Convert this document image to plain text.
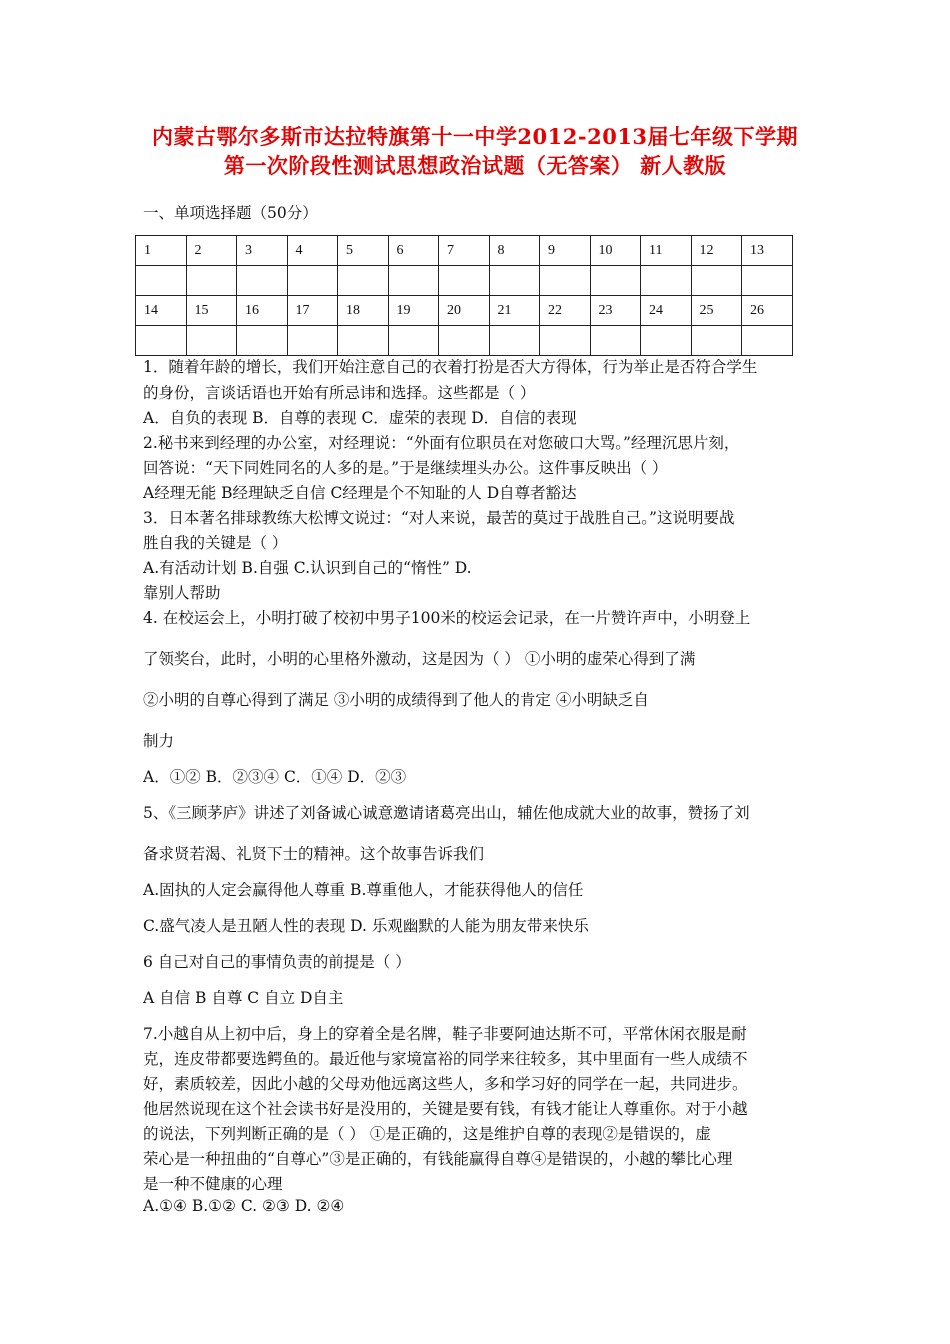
内蒙古鄂尔多斯市达拉特旗第十一中学2012-2013届七年级下学期
第一次阶段性测试思想政治试题（无答案） 新人教版
一、单项选择题（50分）
1	2	3	4	5	6	7	8	9	10	11	12	13

14	15	16	17	18	19	20	21	22	23	24	25	26

1．随着年龄的增长，我们开始注意自己的衣着打扮是否大方得体，行为举止是否符合学生
的身份，言谈话语也开始有所忌讳和选择。这些都是（ ）
A．自负的表现 B．自尊的表现 C．虚荣的表现 D．自信的表现
2.秘书来到经理的办公室，对经理说：“外面有位职员在对您破口大骂。”经理沉思片刻，
回答说：“天下同姓同名的人多的是。”于是继续埋头办公。这件事反映出（ ）
A经理无能 B经理缺乏自信 C经理是个不知耻的人 D自尊者豁达
3．日本著名排球教练大松博文说过：“对人来说，最苦的莫过于战胜自己。”这说明要战
胜自我的关键是（ ）
A.有活动计划 B.自强 C.认识到自己的“惰性” D.
靠别人帮助
4. 在校运会上，小明打破了校初中男子100米的校运会记录，在一片赞许声中，小明登上
了领奖台，此时，小明的心里格外激动，这是因为（ ） ①小明的虚荣心得到了满
②小明的自尊心得到了满足 ③小明的成绩得到了他人的肯定 ④小明缺乏自
制力
A．①② B．②③④ C．①④ D．②③
5、《三顾茅庐》讲述了刘备诚心诚意邀请诸葛亮出山，辅佐他成就大业的故事，赞扬了刘
备求贤若渴、礼贤下士的精神。这个故事告诉我们
A.固执的人定会赢得他人尊重 B.尊重他人，才能获得他人的信任
C.盛气凌人是丑陋人性的表现 D. 乐观幽默的人能为朋友带来快乐
6 自己对自己的事情负责的前提是（ ）
A 自信 B 自尊 C 自立 D自主
7.小越自从上初中后，身上的穿着全是名牌，鞋子非要阿迪达斯不可，平常休闲衣服是耐
克，连皮带都要选鳄鱼的。最近他与家境富裕的同学来往较多，其中里面有一些人成绩不
好，素质较差，因此小越的父母劝他远离这些人，多和学习好的同学在一起，共同进步。
他居然说现在这个社会读书好是没用的，关键是要有钱，有钱才能让人尊重你。对于小越
的说法，下列判断正确的是（ ） ①是正确的，这是维护自尊的表现②是错误的，虚
荣心是一种扭曲的“自尊心”③是正确的，有钱能赢得自尊④是错误的，小越的攀比心理
是一种不健康的心理
A.①④ B.①② C. ②③ D. ②④
